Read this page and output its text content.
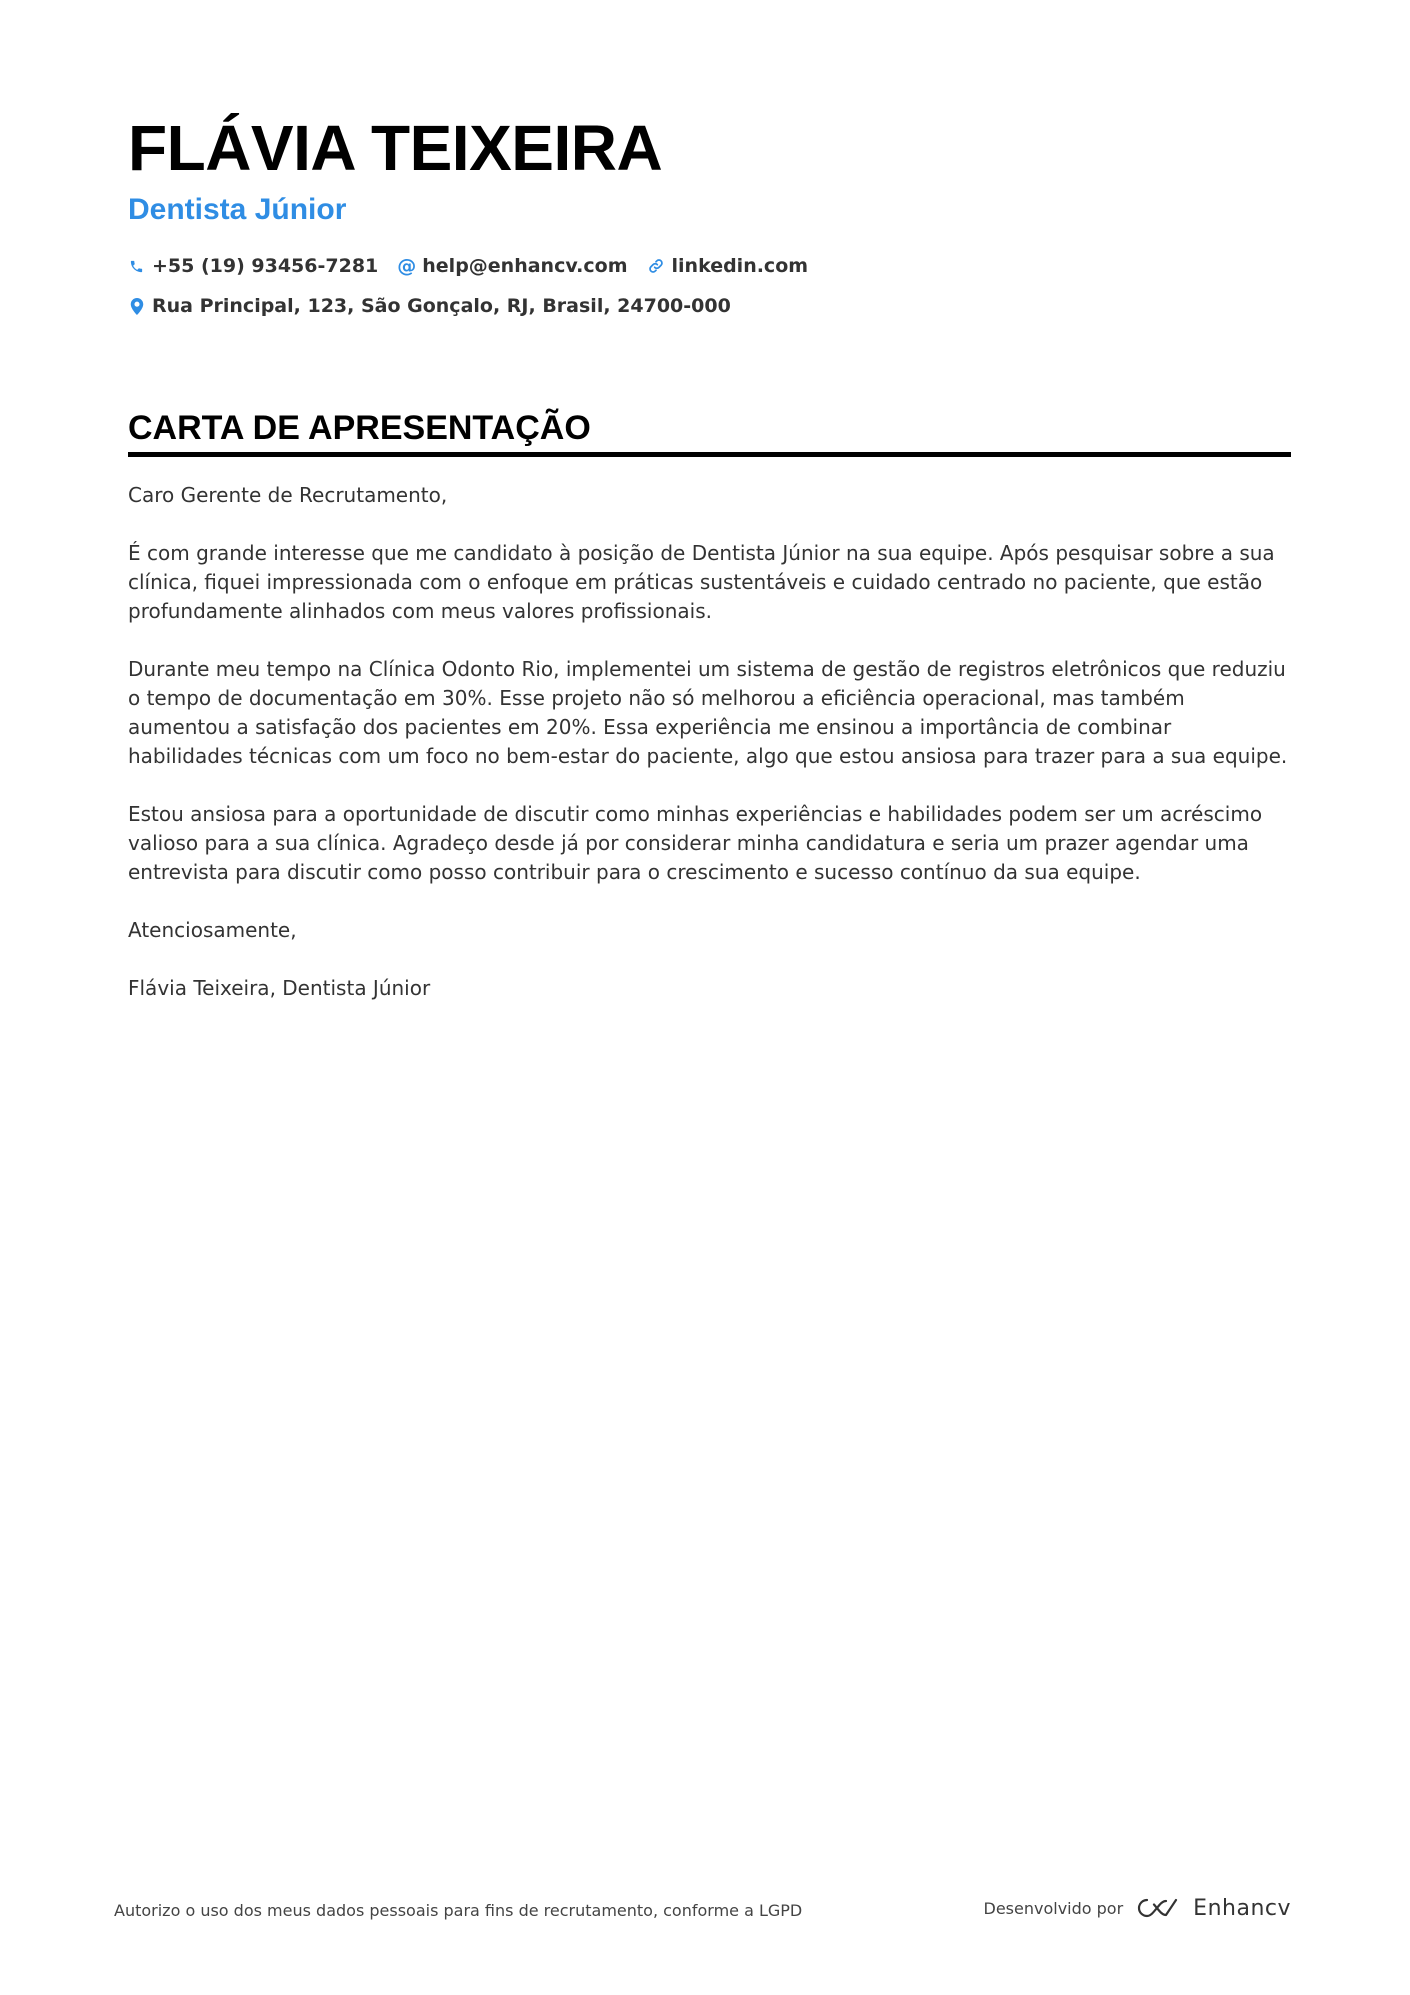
FLÁVIA TEIXEIRA
Dentista Júnior
+55 (19) 93456-7281 @ help@enhancv.com linkedin.com
Rua Principal, 123, São Gonçalo, RJ, Brasil, 24700-000
CARTA DE APRESENTAÇÃO

Caro Gerente de Recrutamento,

É com grande interesse que me candidato à posição de Dentista Júnior na sua equipe. Após pesquisar sobre a sua clínica, fiquei impressionada com o enfoque em práticas sustentáveis e cuidado centrado no paciente, que estão profundamente alinhados com meus valores profissionais.

Durante meu tempo na Clínica Odonto Rio, implementei um sistema de gestão de registros eletrônicos que reduziu o tempo de documentação em 30%. Esse projeto não só melhorou a eficiência operacional, mas também aumentou a satisfação dos pacientes em 20%. Essa experiência me ensinou a importância de combinar habilidades técnicas com um foco no bem-estar do paciente, algo que estou ansiosa para trazer para a sua equipe.

Estou ansiosa para a oportunidade de discutir como minhas experiências e habilidades podem ser um acréscimo valioso para a sua clínica. Agradeço desde já por considerar minha candidatura e seria um prazer agendar uma entrevista para discutir como posso contribuir para o crescimento e sucesso contínuo da sua equipe.

Atenciosamente,

Flávia Teixeira, Dentista Júnior

Autorizo o uso dos meus dados pessoais para fins de recrutamento, conforme a LGPD	Desenvolvido por	Enhancv
